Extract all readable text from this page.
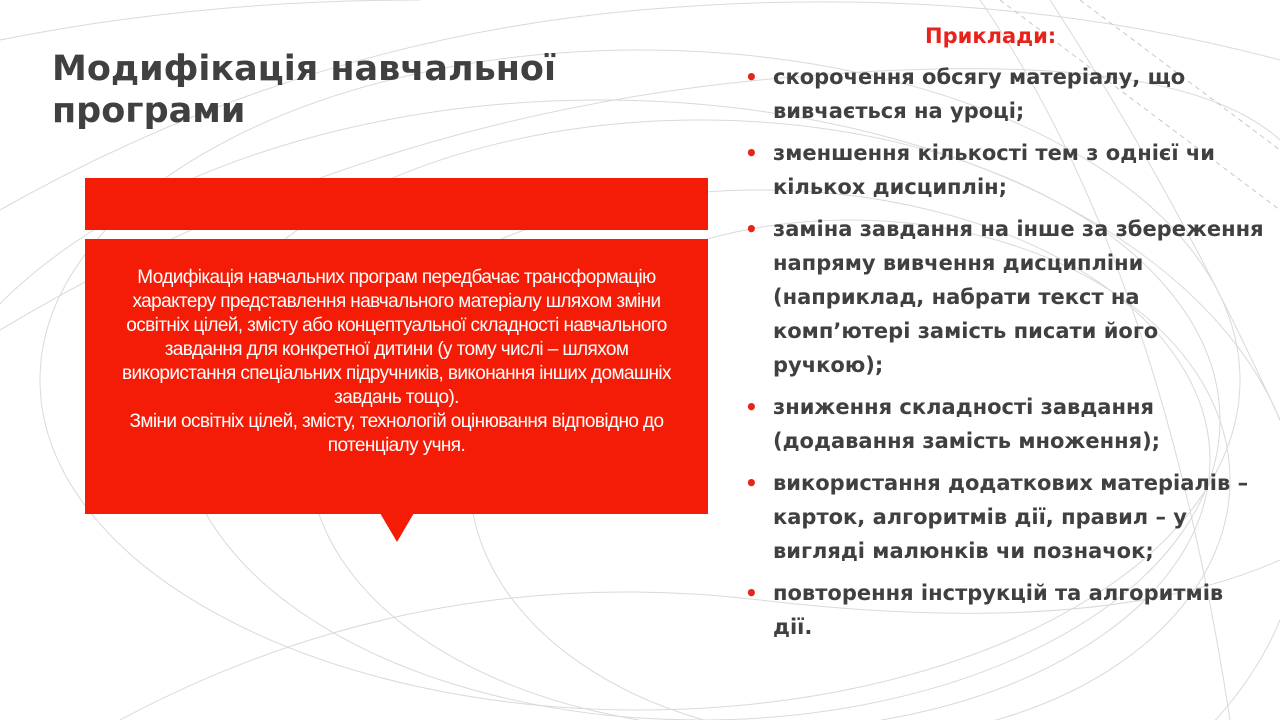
Модифікація навчальної програми
Модифікація навчальних програм передбачає трансформацію характеру представлення навчального матеріалу шляхом зміни освітніх цілей, змісту або концептуальної складності навчального завдання для конкретної дитини (у тому числі – шляхом використання спеціальних підручників, виконання інших домашніх завдань тощо).
Зміни освітніх цілей, змісту, технологій оцінювання відповідно до потенціалу учня.
Приклади:
• скорочення обсягу матеріалу, що вивчається на уроці;
• зменшення кількості тем з однієї чи кількох дисциплін;
• заміна завдання на інше за збереження напряму вивчення дисципліни (наприклад, набрати текст на комп’ютері замість писати його ручкою);
• зниження складності завдання (додавання замість множення);
• використання додаткових матеріалів – карток, алгоритмів дії, правил – у вигляді малюнків чи позначок;
• повторення інструкцій та алгоритмів дії.
